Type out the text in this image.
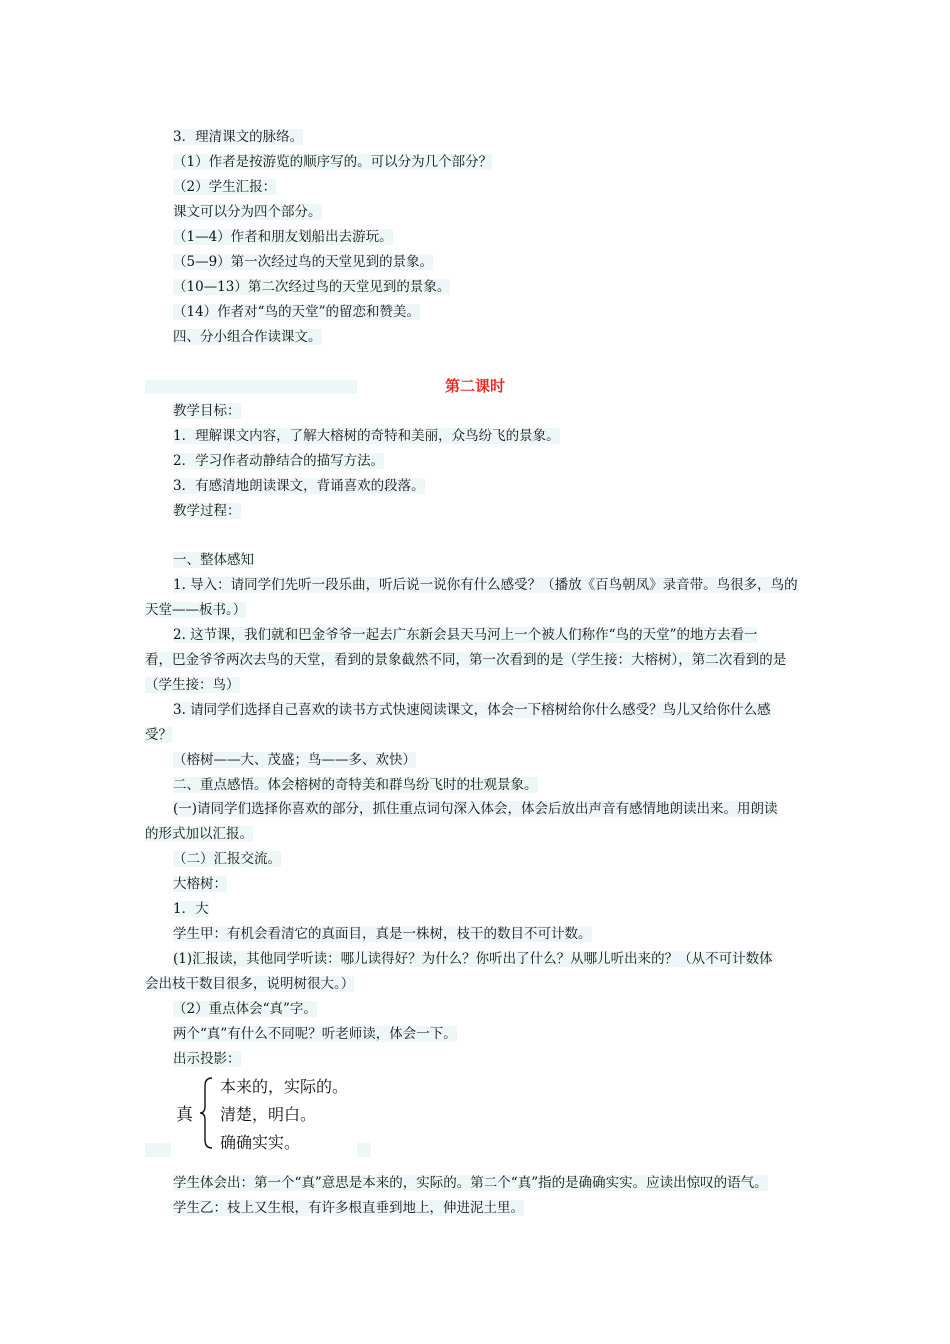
3．理清课文的脉络。
（1）作者是按游览的顺序写的。可以分为几个部分？
（2）学生汇报：
课文可以分为四个部分。
（1—4）作者和朋友划船出去游玩。
（5—9）第一次经过鸟的天堂见到的景象。
（10—13）第二次经过鸟的天堂见到的景象。
（14）作者对“鸟的天堂”的留恋和赞美。
四、分小组合作读课文。
第二课时
教学目标：
1．理解课文内容，了解大榕树的奇特和美丽，众鸟纷飞的景象。
2．学习作者动静结合的描写方法。
3．有感清地朗读课文，背诵喜欢的段落。
教学过程：
一、整体感知
1. 导入：请同学们先听一段乐曲，听后说一说你有什么感受？（播放《百鸟朝凤》录音带。鸟很多，鸟的
天堂——板书。）
2. 这节课，我们就和巴金爷爷一起去广东新会县天马河上一个被人们称作“鸟的天堂”的地方去看一
看，巴金爷爷两次去鸟的天堂，看到的景象截然不同，第一次看到的是（学生接：大榕树），第二次看到的是
（学生接：鸟）
3. 请同学们选择自己喜欢的读书方式快速阅读课文，体会一下榕树给你什么感受？鸟儿又给你什么感
受？
（榕树——大、茂盛；鸟——多、欢快）
二、重点感悟。体会榕树的奇特美和群鸟纷飞时的壮观景象。
(一)请同学们选择你喜欢的部分，抓住重点词句深入体会，体会后放出声音有感情地朗读出来。用朗读
的形式加以汇报。
（二）汇报交流。
大榕树：
1．大
学生甲：有机会看清它的真面目，真是一株树，枝干的数目不可计数。
(1)汇报读，其他同学听读：哪儿读得好？为什么？你听出了什么？从哪儿听出来的？（从不可计数体
会出枝干数目很多，说明树很大。）
（2）重点体会“真”字。
两个“真”有什么不同呢？听老师读，体会一下。
出示投影：
真
本来的，实际的。
清楚，明白。
确确实实。
学生体会出：第一个“真”意思是本来的，实际的。第二个“真”指的是确确实实。应读出惊叹的语气。
学生乙：枝上又生根，有许多根直垂到地上，伸进泥土里。
